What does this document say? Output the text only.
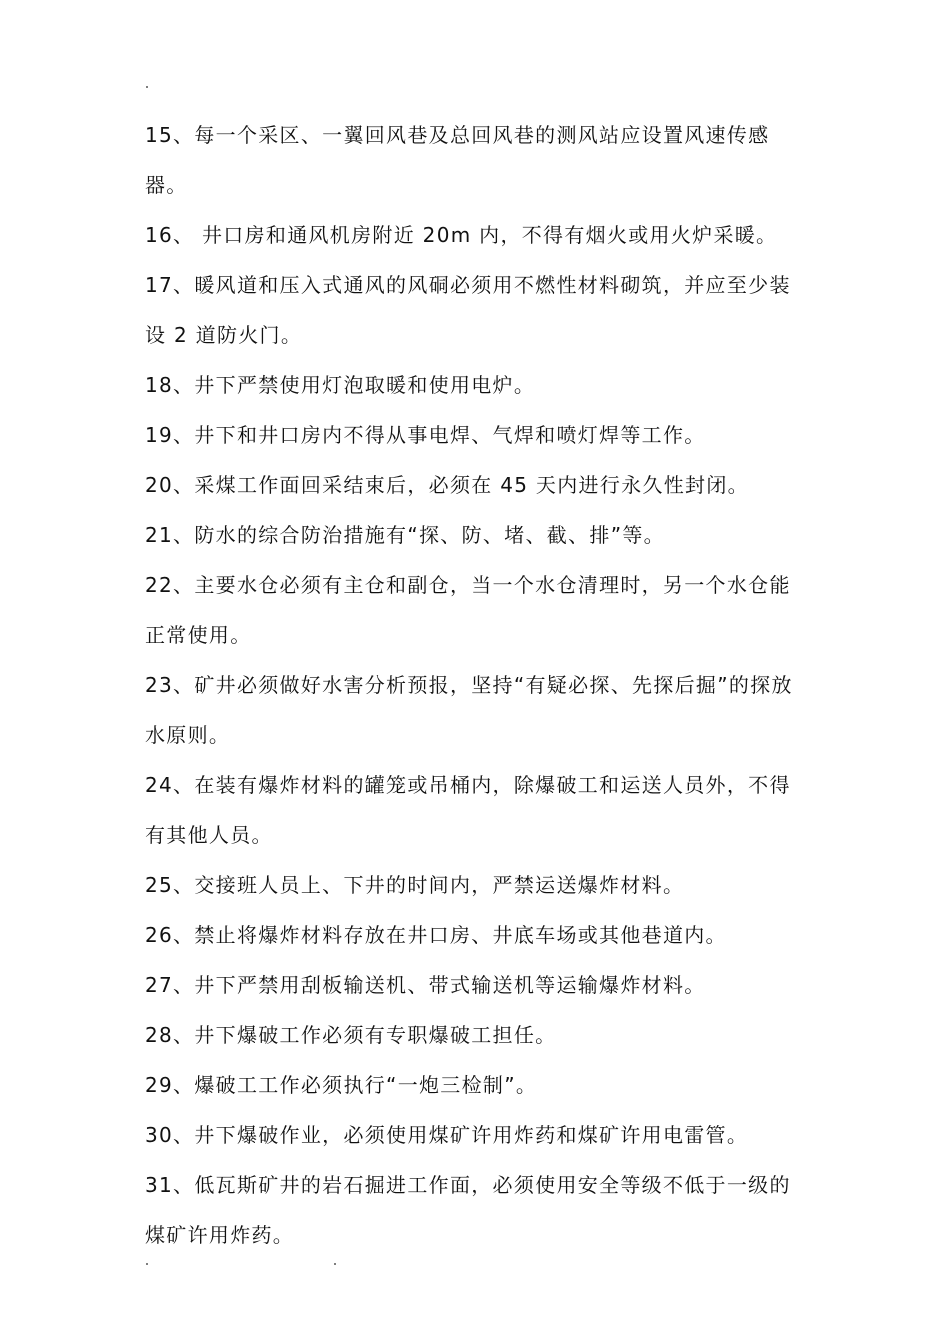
15、每一个采区、一翼回风巷及总回风巷的测风站应设置风速传感器。

16、 井口房和通风机房附近 20m 内，不得有烟火或用火炉采暖。

17、暖风道和压入式通风的风硐必须用不燃性材料砌筑，并应至少装设 2 道防火门。

18、井下严禁使用灯泡取暖和使用电炉。

19、井下和井口房内不得从事电焊、气焊和喷灯焊等工作。

20、采煤工作面回采结束后，必须在 45 天内进行永久性封闭。

21、防水的综合防治措施有“探、防、堵、截、排”等。

22、主要水仓必须有主仓和副仓，当一个水仓清理时，另一个水仓能正常使用。

23、矿井必须做好水害分析预报，坚持“有疑必探、先探后掘”的探放水原则。

24、在装有爆炸材料的罐笼或吊桶内，除爆破工和运送人员外，不得有其他人员。

25、交接班人员上、下井的时间内，严禁运送爆炸材料。

26、禁止将爆炸材料存放在井口房、井底车场或其他巷道内。

27、井下严禁用刮板输送机、带式输送机等运输爆炸材料。

28、井下爆破工作必须有专职爆破工担任。

29、爆破工工作必须执行“一炮三检制”。

30、井下爆破作业，必须使用煤矿许用炸药和煤矿许用电雷管。

31、低瓦斯矿井的岩石掘进工作面，必须使用安全等级不低于一级的煤矿许用炸药。
